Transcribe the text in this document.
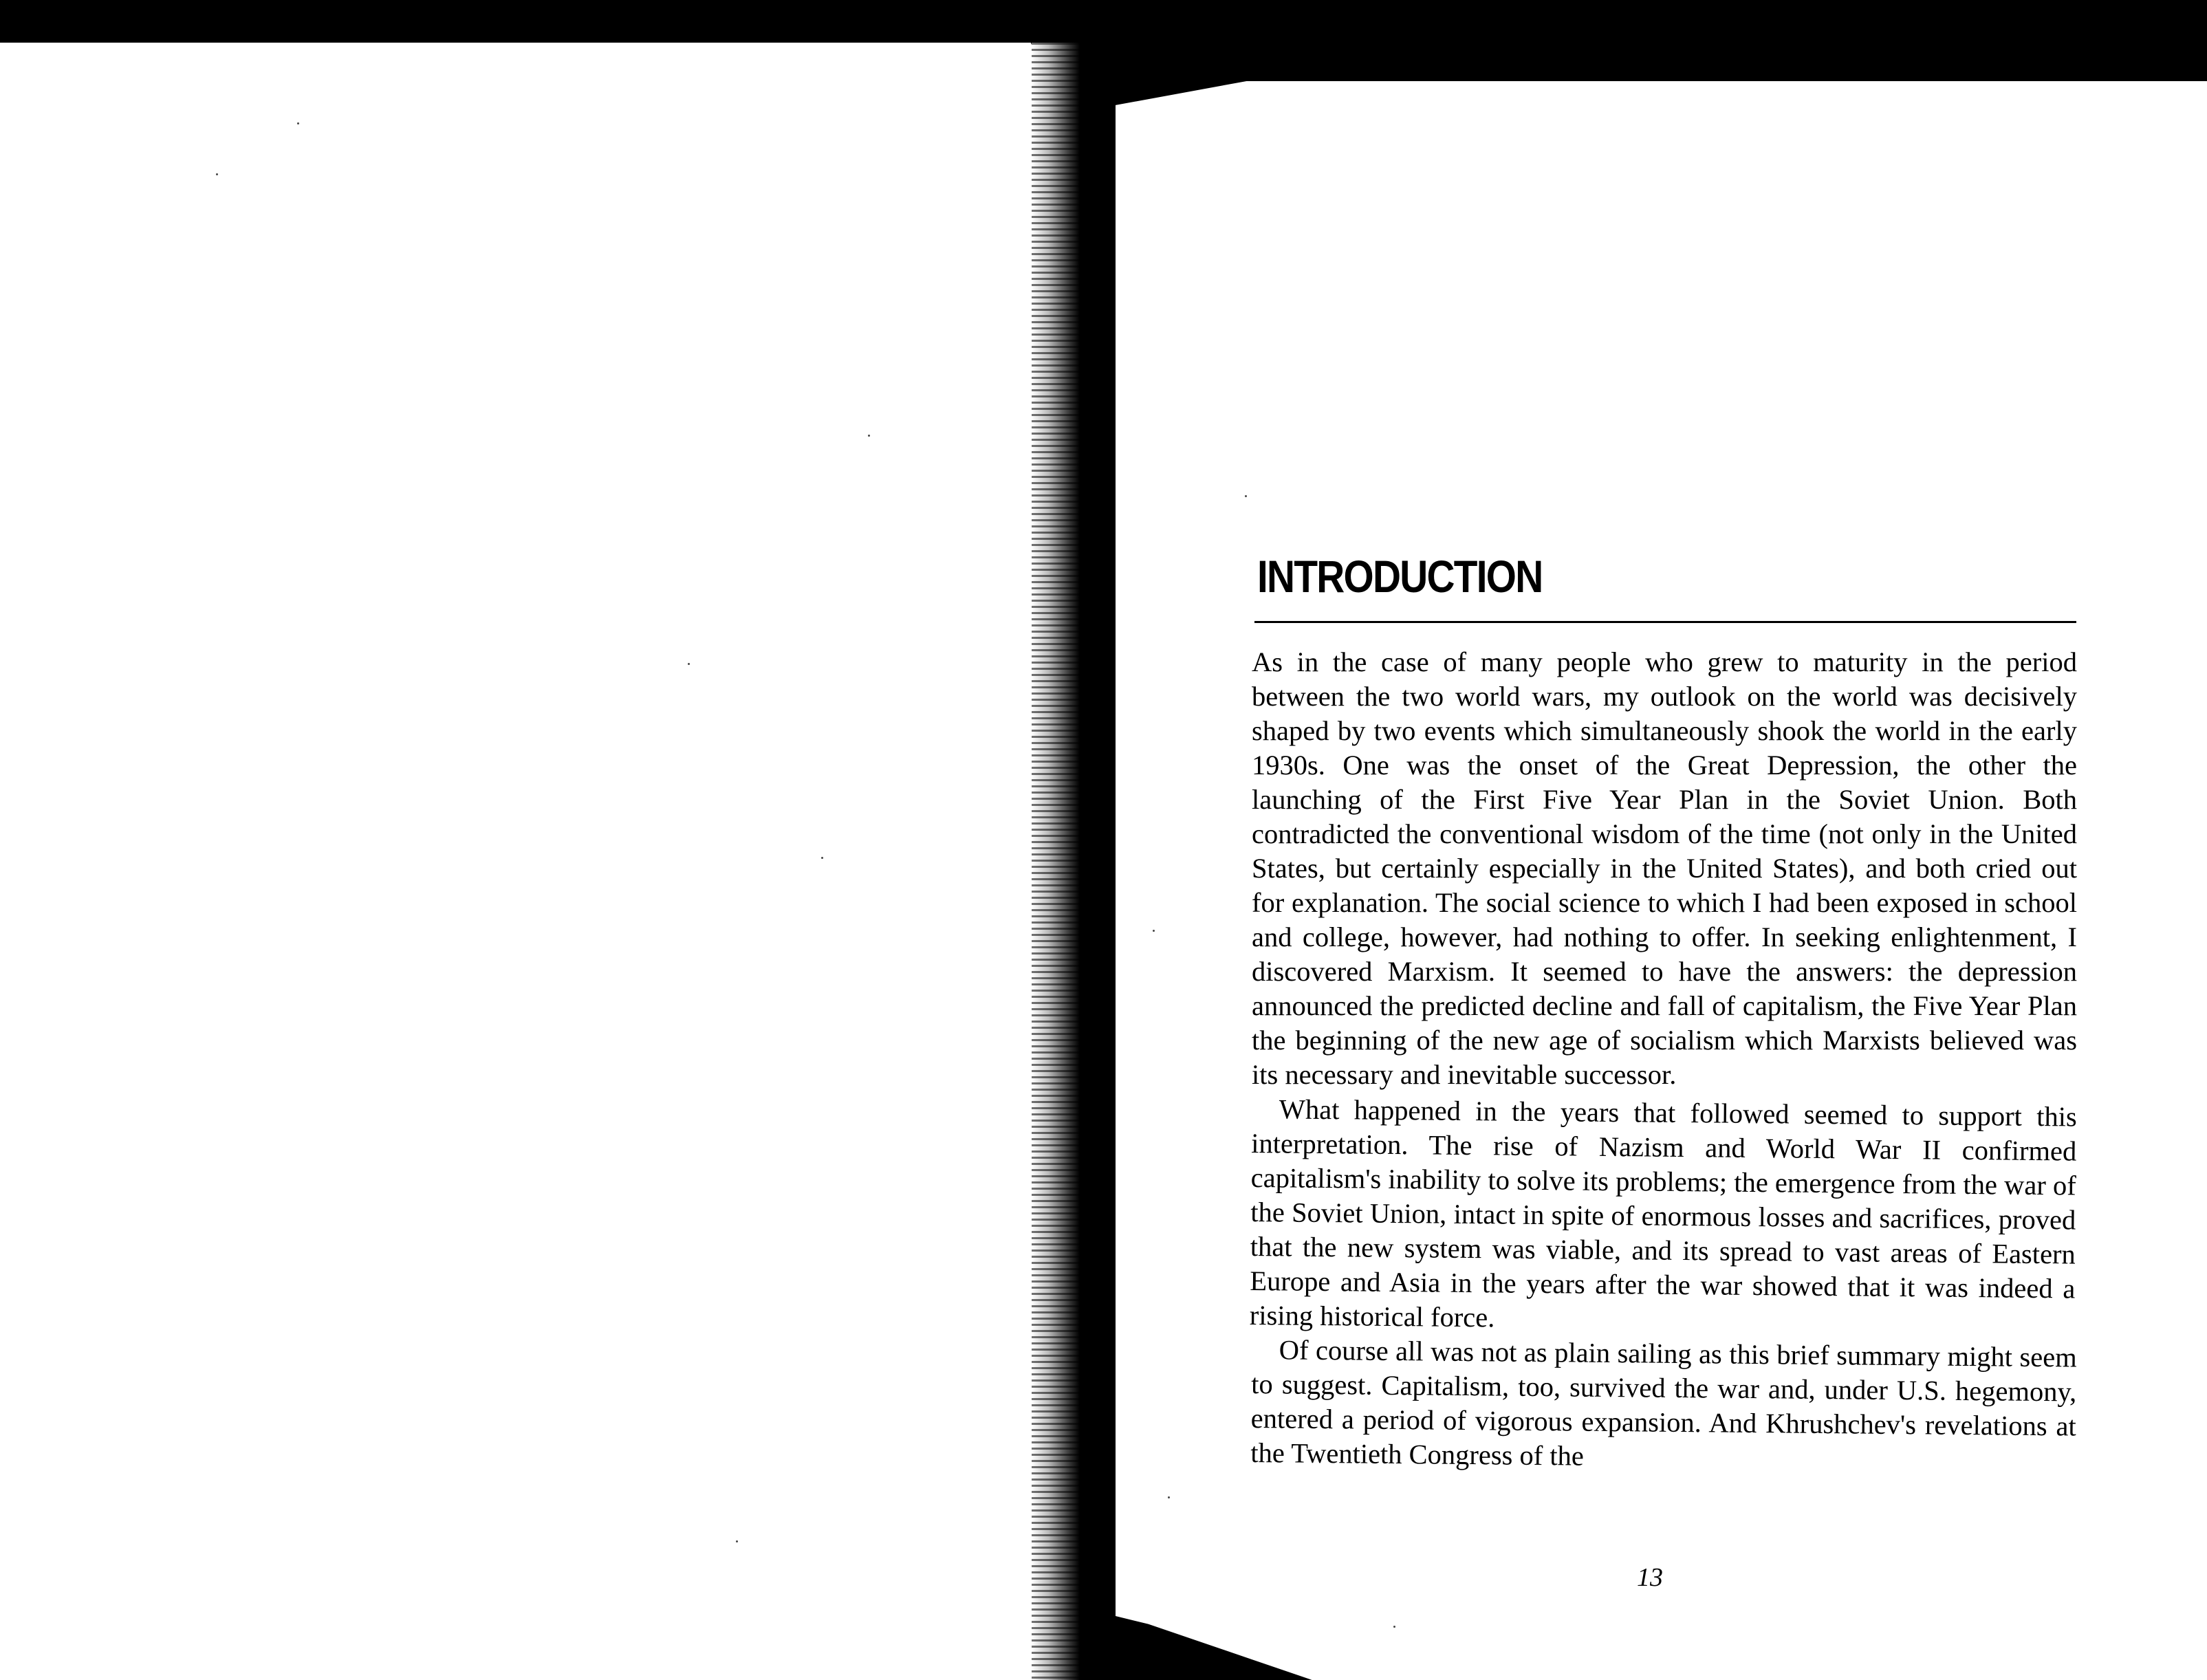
INTRODUCTION

As in the case of many people who grew to maturity in the period between the two world wars, my outlook on the world was decisively shaped by two events which simultaneously shook the world in the early 1930s. One was the onset of the Great Depression, the other the launching of the First Five Year Plan in the Soviet Union. Both contradicted the conventional wisdom of the time (not only in the United States, but certainly especially in the United States), and both cried out for explanation. The social science to which I had been exposed in school and college, however, had nothing to offer. In seeking enlightenment, I discovered Marxism. It seemed to have the answers: the depression announced the predicted decline and fall of capitalism, the Five Year Plan the beginning of the new age of socialism which Marxists believed was its necessary and inevitable successor.

What happened in the years that followed seemed to support this interpretation. The rise of Nazism and World War II confirmed capitalism's inability to solve its problems; the emergence from the war of the Soviet Union, intact in spite of enormous losses and sacrifices, proved that the new system was viable, and its spread to vast areas of Eastern Europe and Asia in the years after the war showed that it was indeed a rising historical force.

Of course all was not as plain sailing as this brief summary might seem to suggest. Capitalism, too, survived the war and, under U.S. hegemony, entered a period of vigorous expansion. And Khrushchev's revelations at the Twentieth Congress of the

13
